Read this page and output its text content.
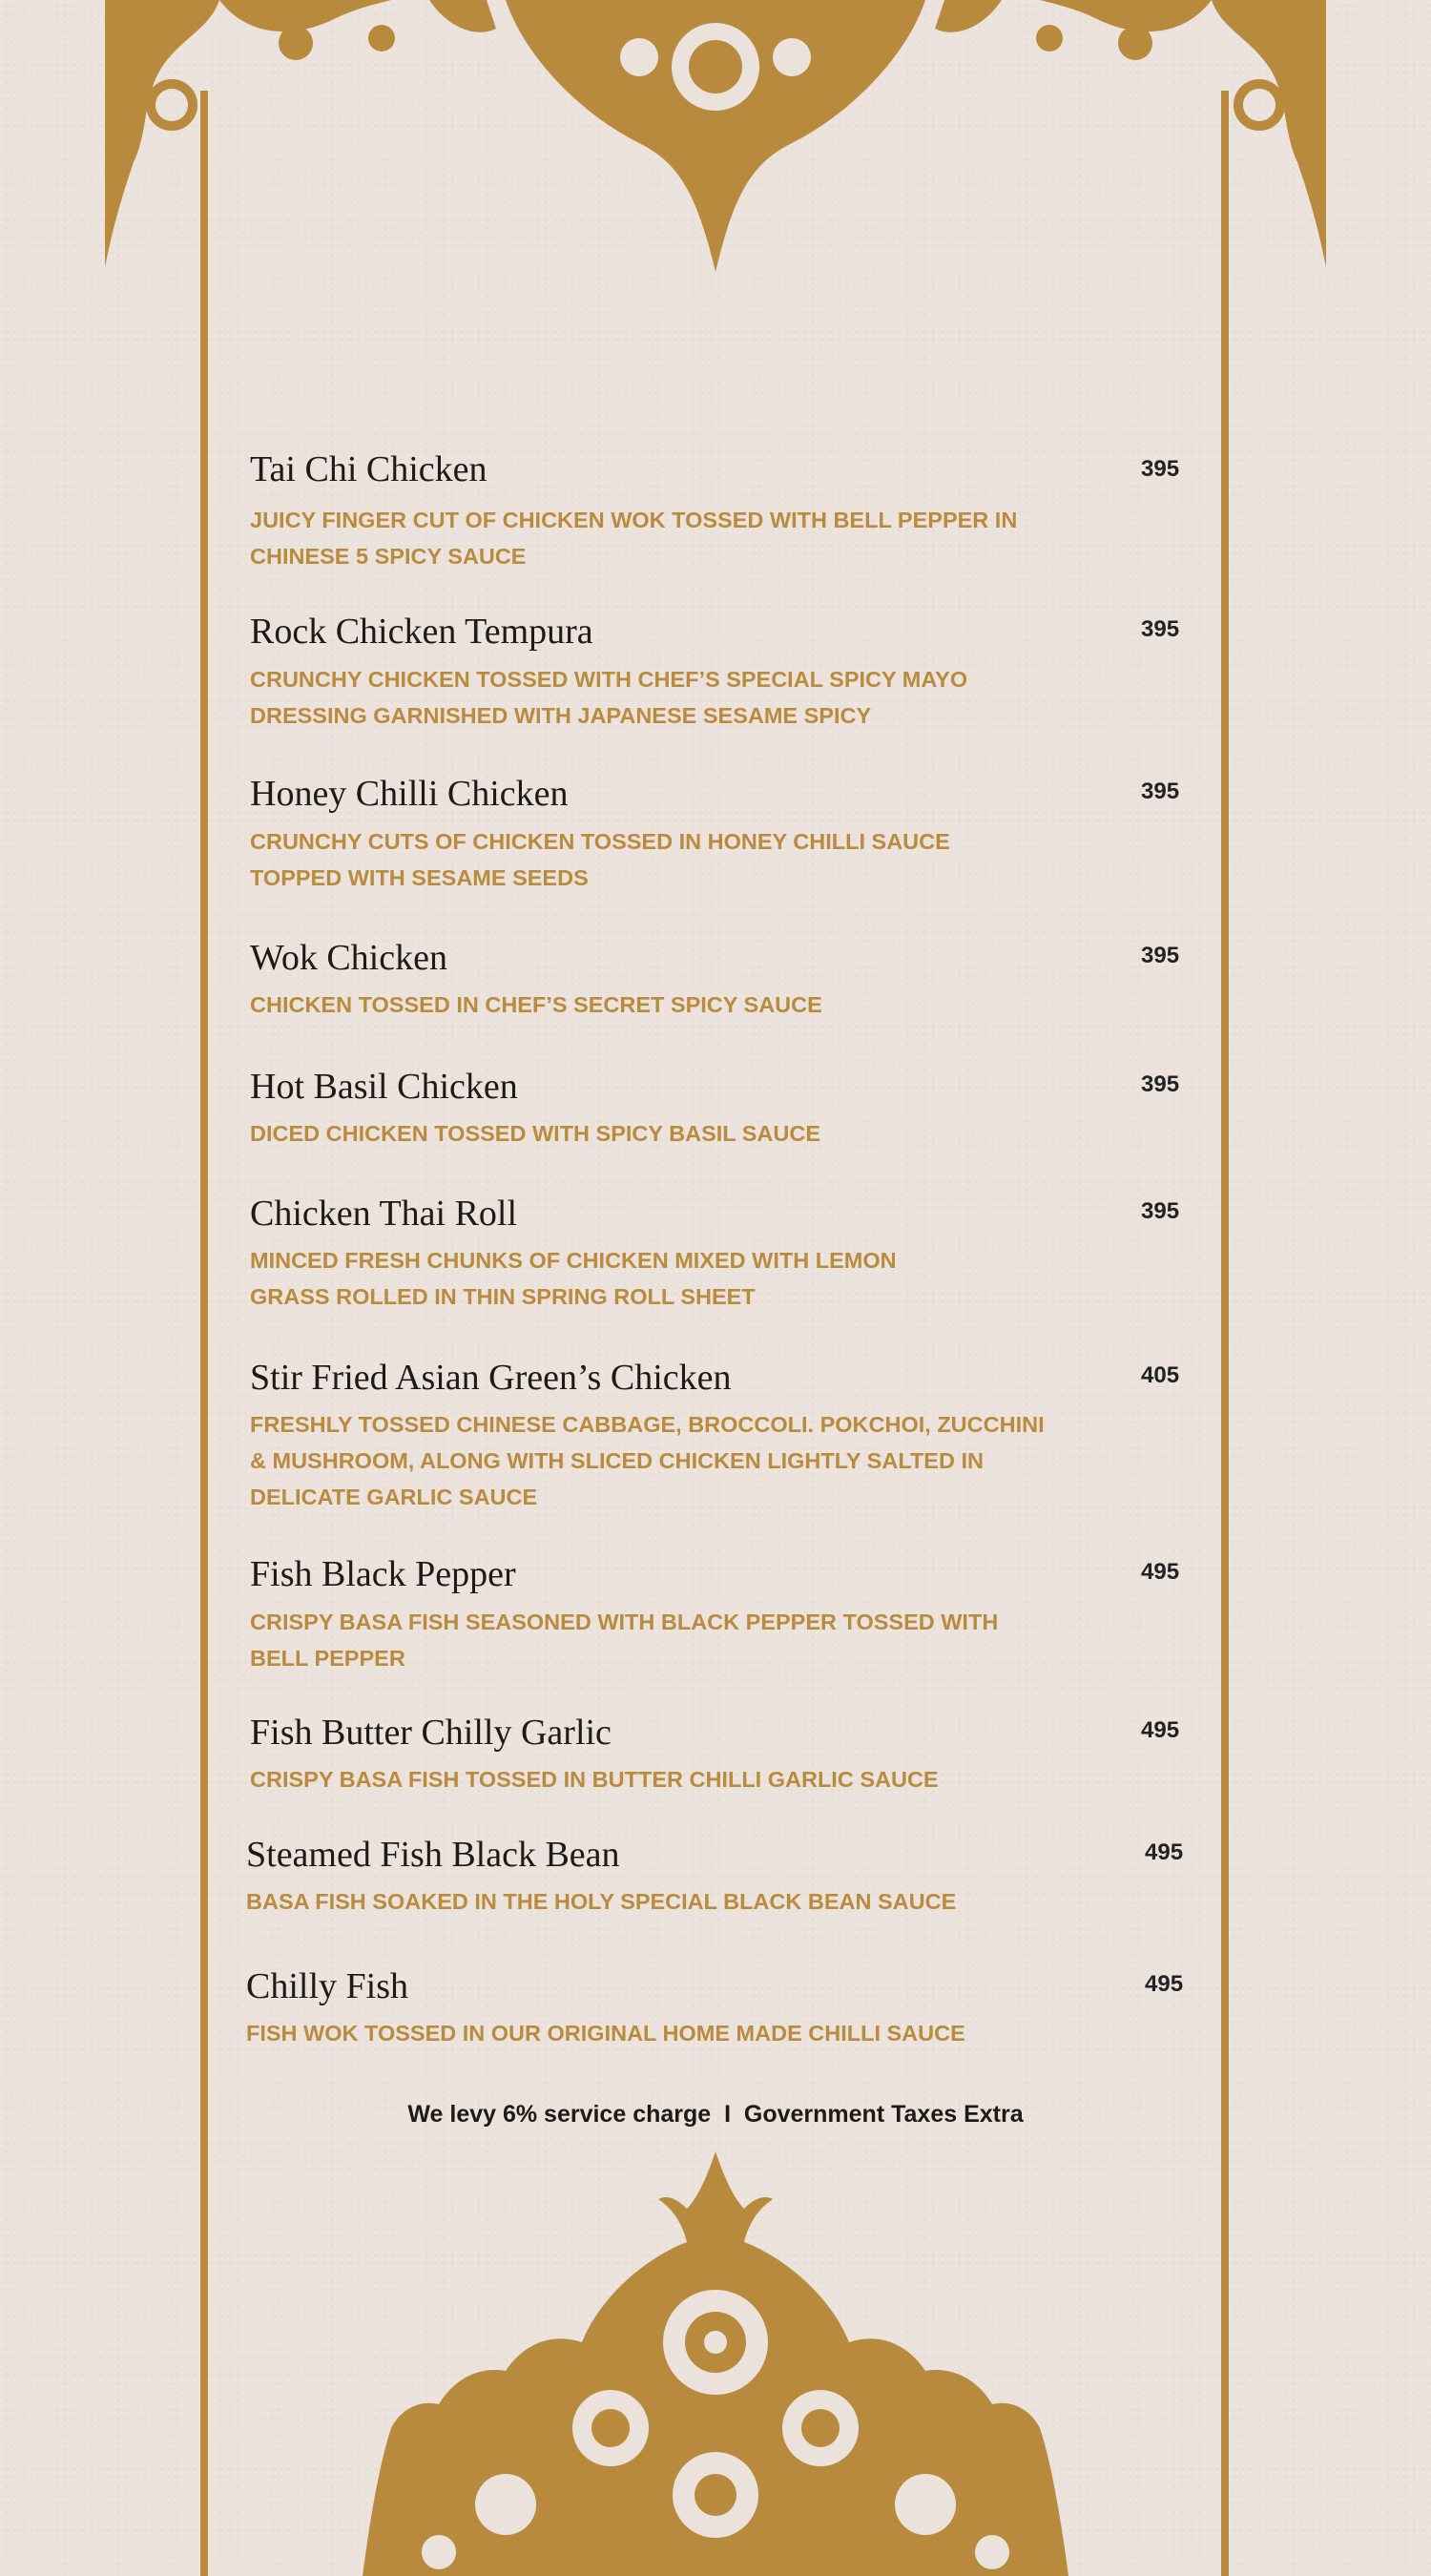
Tai Chi Chicken	395
JUICY FINGER CUT OF CHICKEN WOK TOSSED WITH BELL PEPPER IN
CHINESE 5 SPICY SAUCE
Rock Chicken Tempura	395
CRUNCHY CHICKEN TOSSED WITH CHEF’S SPECIAL SPICY MAYO
DRESSING GARNISHED WITH JAPANESE SESAME SPICY
Honey Chilli Chicken	395
CRUNCHY CUTS OF CHICKEN TOSSED IN HONEY CHILLI SAUCE
TOPPED WITH SESAME SEEDS
Wok Chicken	395
CHICKEN TOSSED IN CHEF’S SECRET SPICY SAUCE
Hot Basil Chicken	395
DICED CHICKEN TOSSED WITH SPICY BASIL SAUCE
Chicken Thai Roll	395
MINCED FRESH CHUNKS OF CHICKEN MIXED WITH LEMON
GRASS ROLLED IN THIN SPRING ROLL SHEET
Stir Fried Asian Green’s Chicken	405
FRESHLY TOSSED CHINESE CABBAGE, BROCCOLI. POKCHOI, ZUCCHINI
& MUSHROOM, ALONG WITH SLICED CHICKEN LIGHTLY SALTED IN
DELICATE GARLIC SAUCE
Fish Black Pepper	495
CRISPY BASA FISH SEASONED WITH BLACK PEPPER TOSSED WITH
BELL PEPPER
Fish Butter Chilly Garlic	495
CRISPY BASA FISH TOSSED IN BUTTER CHILLI GARLIC SAUCE
Steamed Fish Black Bean	495
BASA FISH SOAKED IN THE HOLY SPECIAL BLACK BEAN SAUCE
Chilly Fish	495
FISH WOK TOSSED IN OUR ORIGINAL HOME MADE CHILLI SAUCE
We levy 6% service charge  I  Government Taxes Extra
